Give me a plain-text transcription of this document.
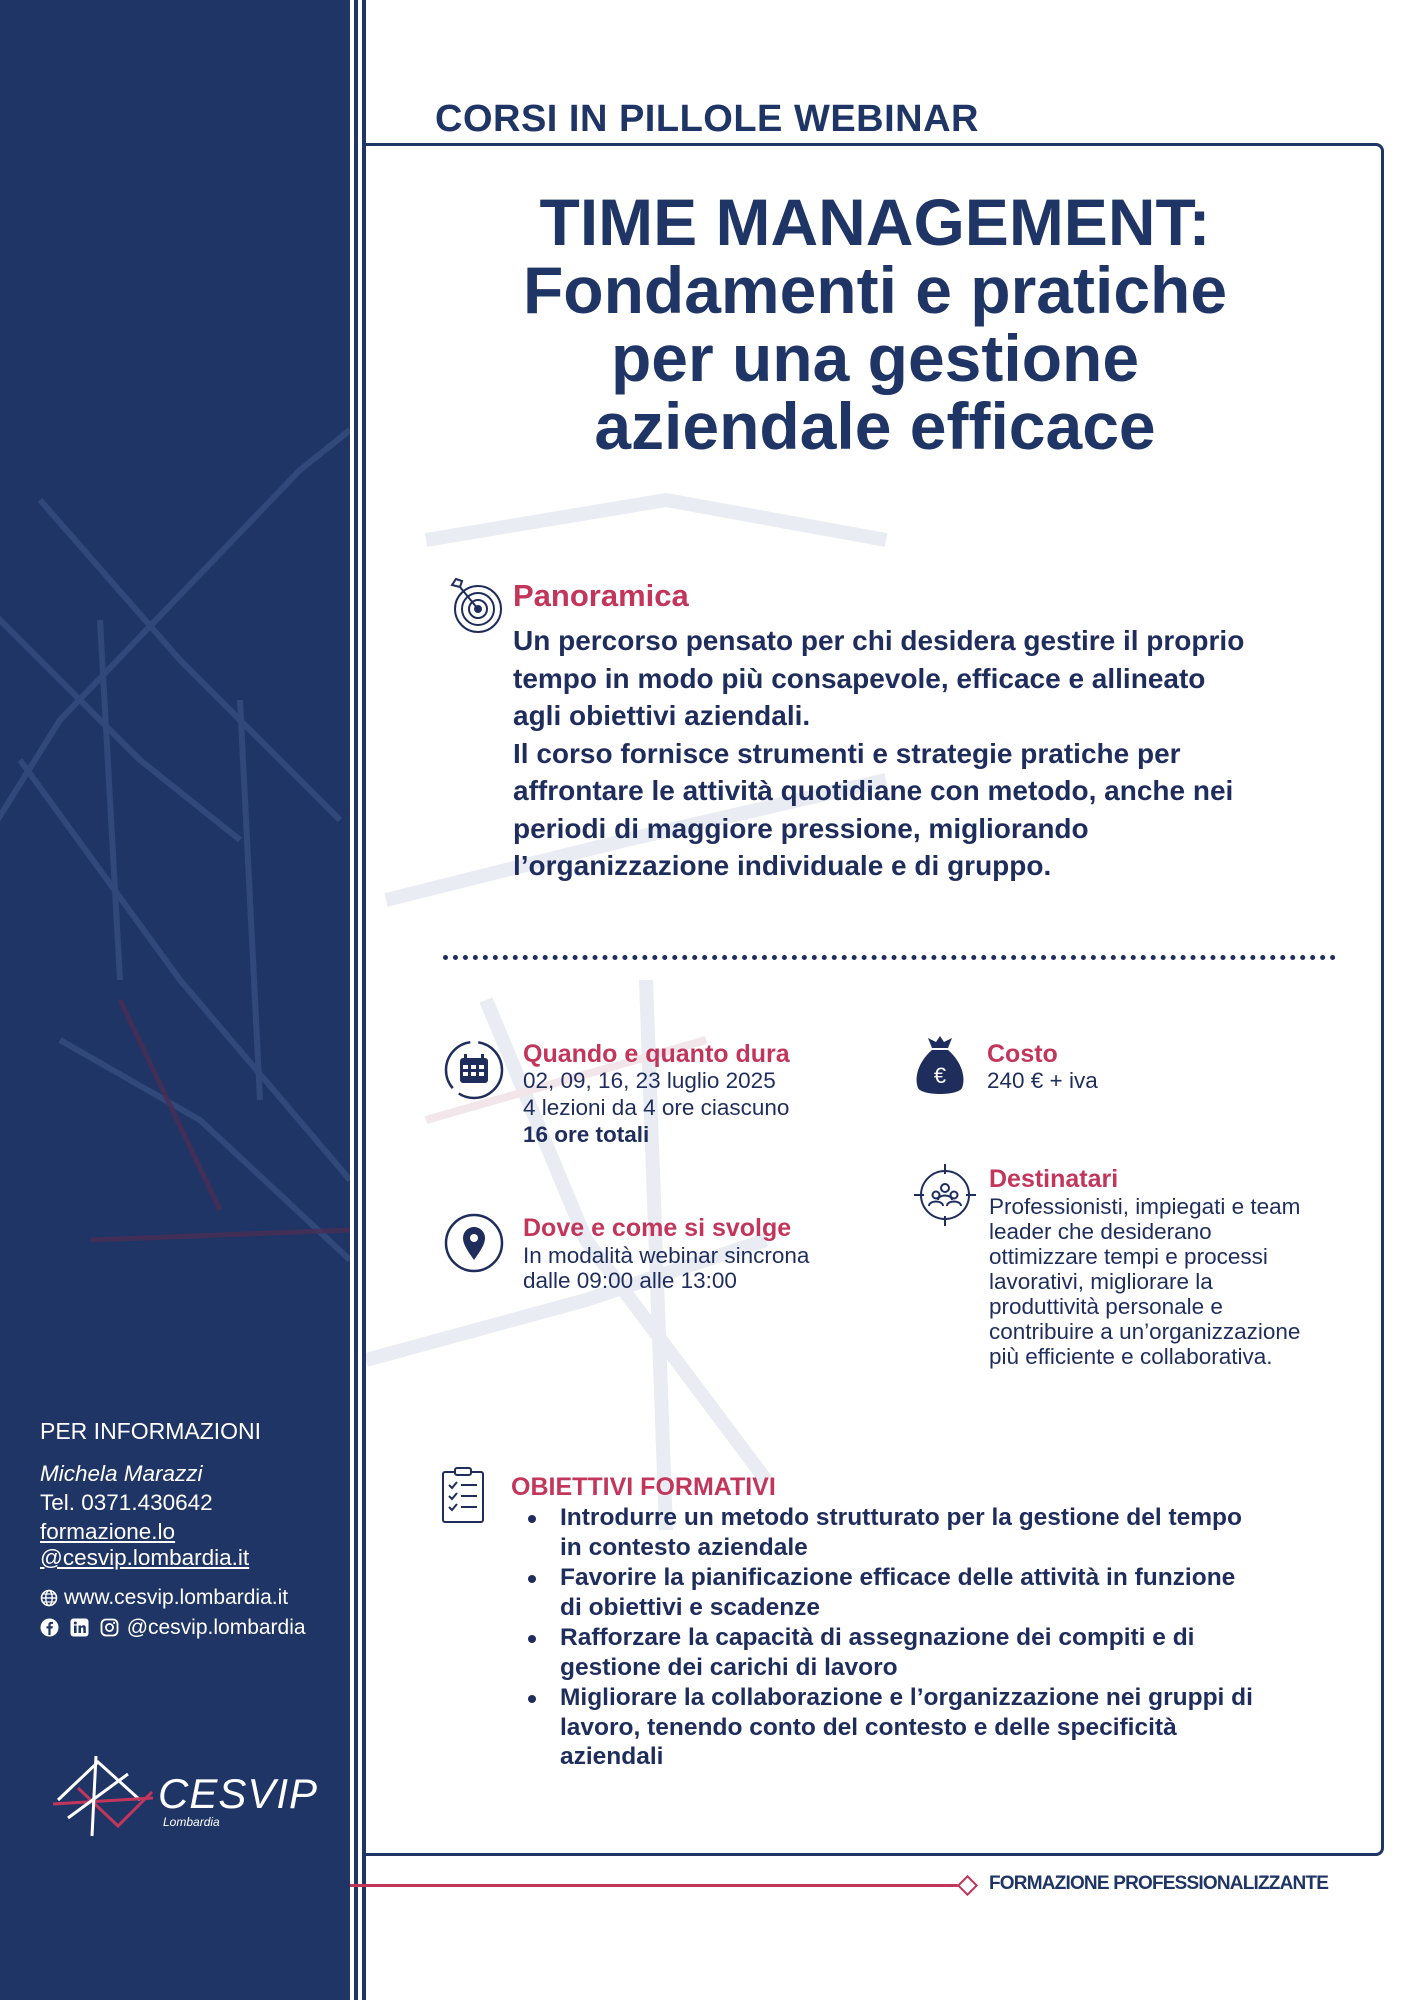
PER INFORMAZIONI
Michela Marazzi
Tel. 0371.430642
formazione.lo
@cesvip.lombardia.it
www.cesvip.lombardia.it
@cesvip.lombardia
CESVIP
Lombardia
CORSI IN PILLOLE WEBINAR
TIME MANAGEMENT:
Fondamenti e pratiche
per una gestione
aziendale efficace
Panoramica

Un percorso pensato per chi desidera gestire il proprio
tempo in modo più consapevole, efficace e allineato
agli obiettivi aziendali.

Il corso fornisce strumenti e strategie pratiche per
affrontare le attività quotidiane con metodo, anche nei
periodi di maggiore pressione, migliorando
l’organizzazione individuale e di gruppo.

Quando e quanto dura
02, 09, 16, 23 luglio 2025
4 lezioni da 4 ore ciascuno
16 ore totali
€
Costo
240 € + iva
Dove e come si svolge
In modalità webinar sincrona
dalle 09:00 alle 13:00
Destinatari
Professionisti, impiegati e team
leader che desiderano
ottimizzare tempi e processi
lavorativi, migliorare la
produttività personale e
contribuire a un’organizzazione
più efficiente e collaborativa.
OBIETTIVI FORMATIVI
Introdurre un metodo strutturato per la gestione del tempo
in contesto aziendale
Favorire la pianificazione efficace delle attività in funzione
di obiettivi e scadenze
Rafforzare la capacità di assegnazione dei compiti e di
gestione dei carichi di lavoro
Migliorare la collaborazione e l’organizzazione nei gruppi di
lavoro, tenendo conto del contesto e delle specificità
aziendali
FORMAZIONE PROFESSIONALIZZANTE
